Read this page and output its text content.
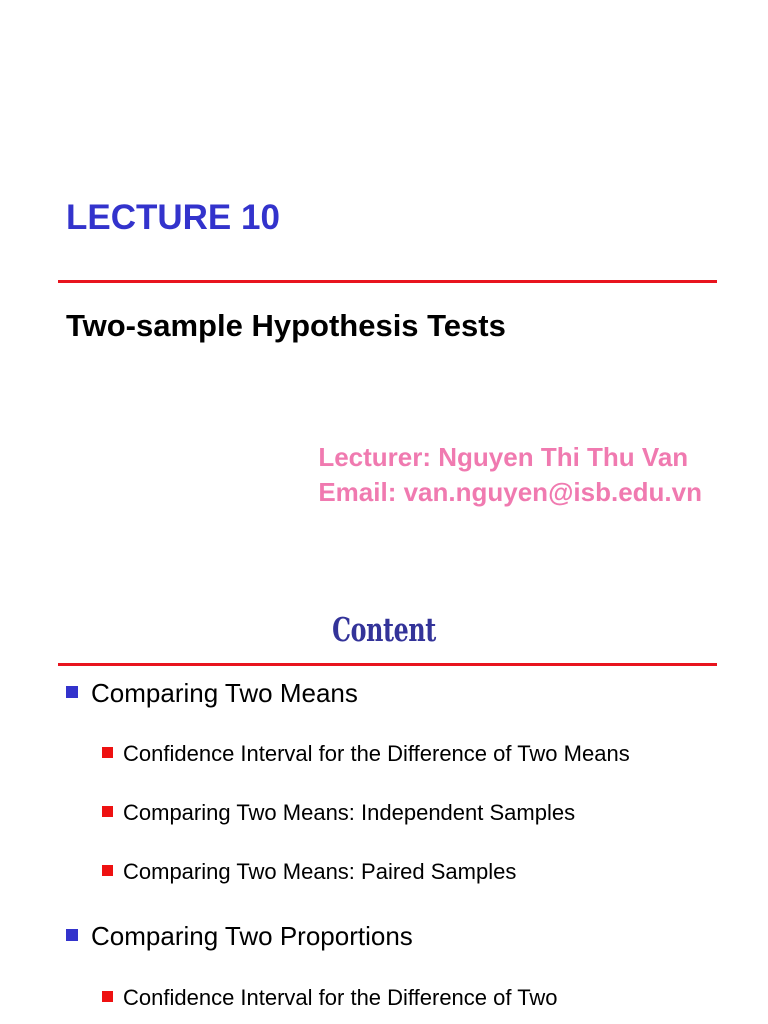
LECTURE 10
Two-sample Hypothesis Tests
Lecturer: Nguyen Thi Thu Van
Email: van.nguyen@isb.edu.vn
Content
Comparing Two Means
Confidence Interval for the Difference of Two Means
Comparing Two Means: Independent Samples
Comparing Two Means: Paired Samples
Comparing Two Proportions
Confidence Interval for the Difference of Two
